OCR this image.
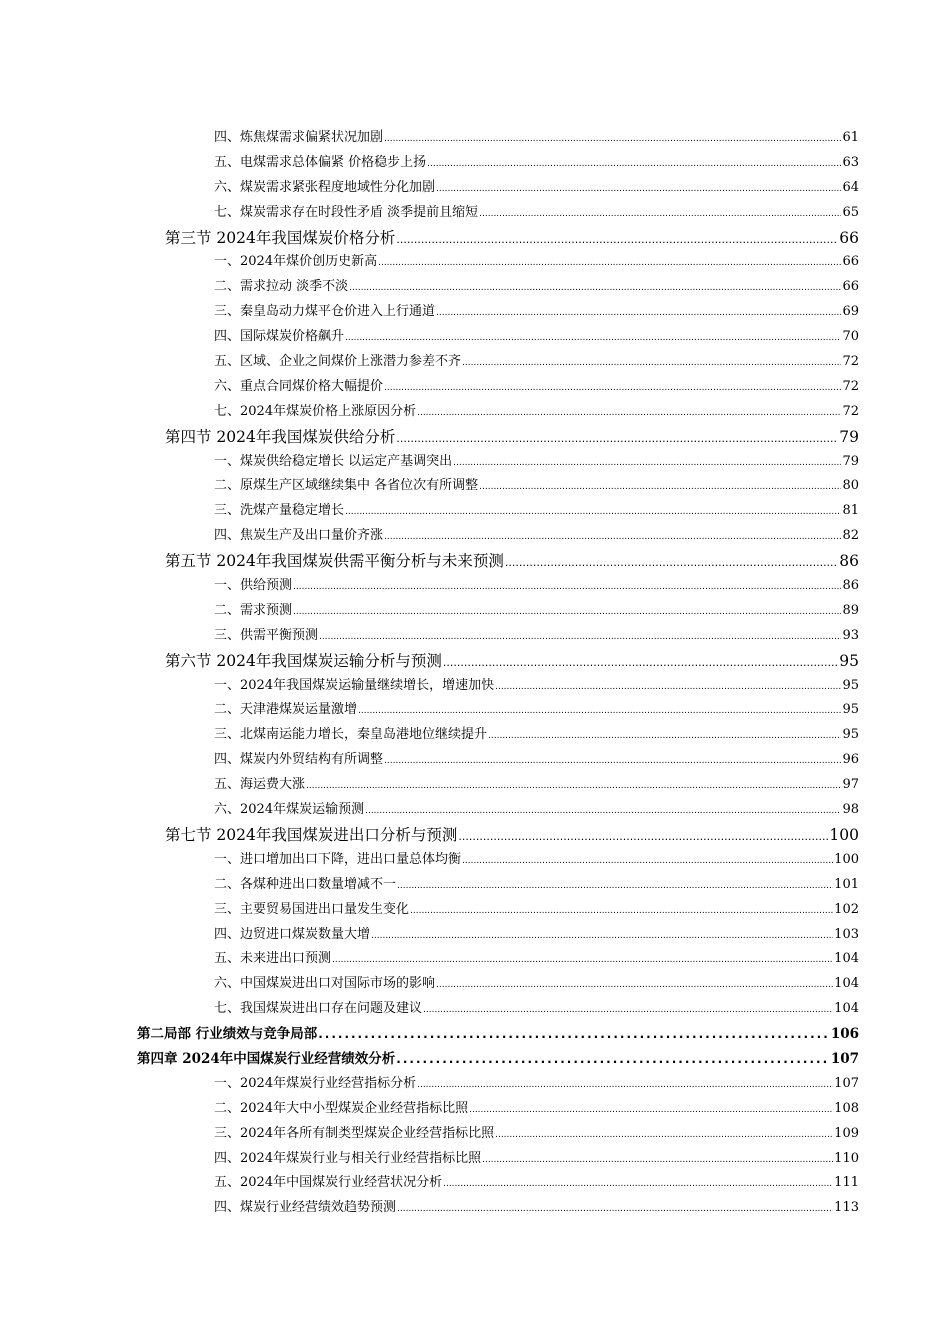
四、炼焦煤需求偏紧状况加剧 .....	61
五、电煤需求总体偏紧 价格稳步上扬 .....	63
六、煤炭需求紧张程度地域性分化加剧 .....	64
七、煤炭需求存在时段性矛盾 淡季提前且缩短 .....	65
第三节 2024年我国煤炭价格分析 .....	66
一、2024年煤价创历史新高 .....	66
二、需求拉动 淡季不淡 .....	66
三、秦皇岛动力煤平仓价进入上行通道 .....	69
四、国际煤炭价格飙升 .....	70
五、区域、企业之间煤价上涨潜力参差不齐 .....	72
六、重点合同煤价格大幅提价 .....	72
七、2024年煤炭价格上涨原因分析 .....	72
第四节 2024年我国煤炭供给分析 .....	79
一、煤炭供给稳定增长 以运定产基调突出 .....	79
二、原煤生产区域继续集中 各省位次有所调整 .....	80
三、洗煤产量稳定增长 .....	81
四、焦炭生产及出口量价齐涨 .....	82
第五节 2024年我国煤炭供需平衡分析与未来预测 .....	86
一、供给预测 .....	86
二、需求预测 .....	89
三、供需平衡预测 .....	93
第六节 2024年我国煤炭运输分析与预测 .....	95
一、2024年我国煤炭运输量继续增长，增速加快 .....	95
二、天津港煤炭运量激增 .....	95
三、北煤南运能力增长，秦皇岛港地位继续提升 .....	95
四、煤炭内外贸结构有所调整 .....	96
五、海运费大涨 .....	97
六、2024年煤炭运输预测 .....	98
第七节 2024年我国煤炭进出口分析与预测 .....	100
一、进口增加出口下降，进出口量总体均衡 .....	100
二、各煤种进出口数量增减不一 .....	101
三、主要贸易国进出口量发生变化 .....	102
四、边贸进口煤炭数量大增 .....	103
五、未来进出口预测 .....	104
六、中国煤炭进出口对国际市场的影响 .....	104
七、我国煤炭进出口存在问题及建议 .....	104
第二局部 行业绩效与竞争局部 .....	106
第四章 2024年中国煤炭行业经营绩效分析 .....	107
一、2024年煤炭行业经营指标分析 .....	107
二、2024年大中小型煤炭企业经营指标比照 .....	108
三、2024年各所有制类型煤炭企业经营指标比照 .....	109
四、2024年煤炭行业与相关行业经营指标比照 .....	110
五、2024年中国煤炭行业经营状况分析 .....	111
四、煤炭行业经营绩效趋势预测 .....	113
